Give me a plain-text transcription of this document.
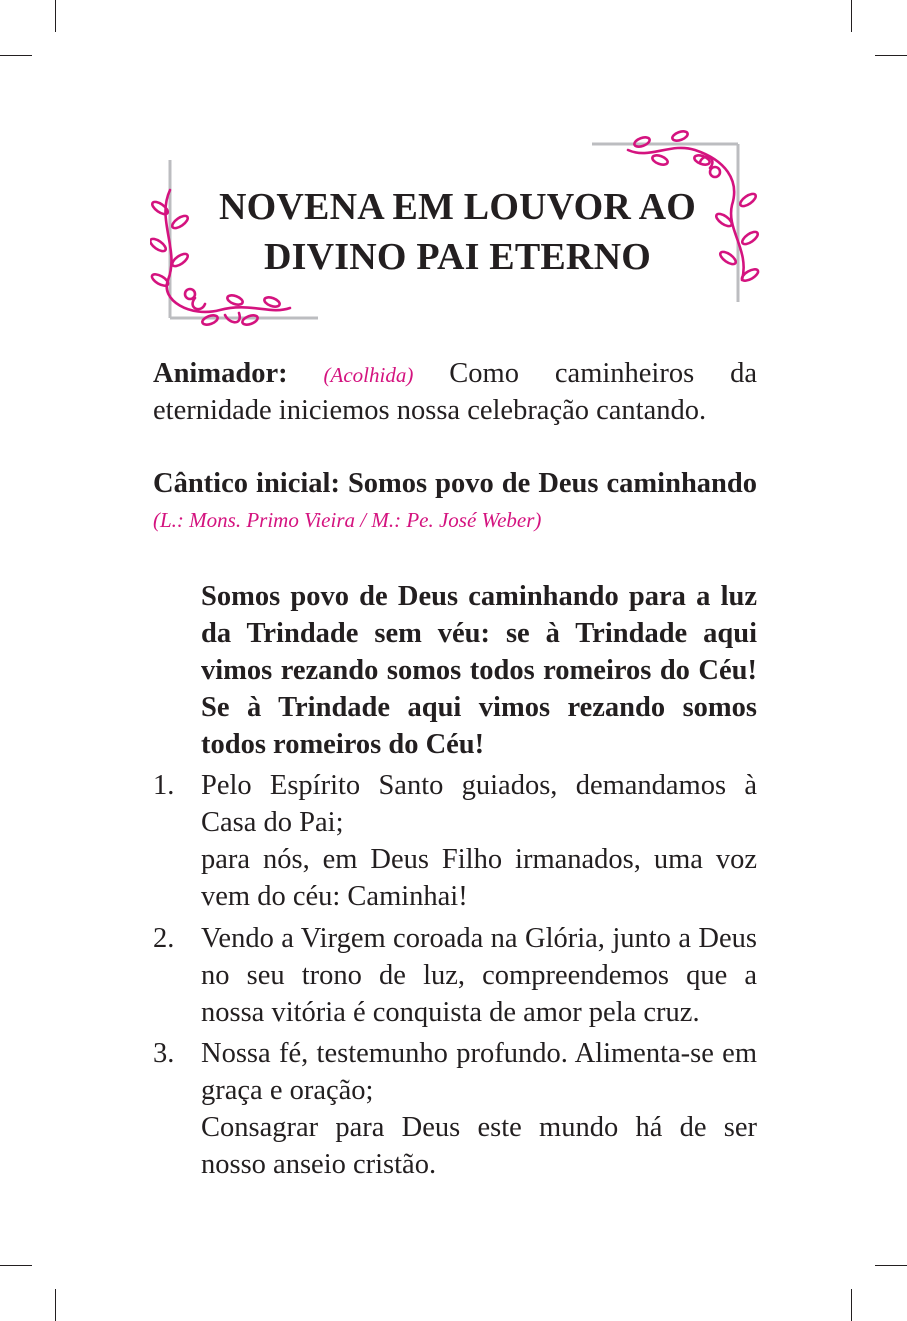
NOVENA EM LOUVOR AO
DIVINO PAI ETERNO
Animador: (Acolhida) Como caminheiros da eternidade iniciemos nossa celebração cantando.
Cântico inicial: Somos povo de Deus caminhando (L.: Mons. Primo Vieira / M.: Pe. José Weber)
Somos povo de Deus caminhando para a luz da Trindade sem véu: se à Trindade aqui vimos rezando somos todos romeiros do Céu! Se à Trindade aqui vimos rezando somos todos romeiros do Céu!
1. Pelo Espírito Santo guiados, demandamos à Casa do Pai;

para nós, em Deus Filho irmanados, uma voz vem do céu: Caminhai!

2. Vendo a Virgem coroada na Glória, junto a Deus no seu trono de luz, compreendemos que a nossa vitória é conquista de amor pela cruz.

3. Nossa fé, testemunho profundo. Alimenta-se em graça e oração;

Consagrar para Deus este mundo há de ser nosso anseio cristão.
